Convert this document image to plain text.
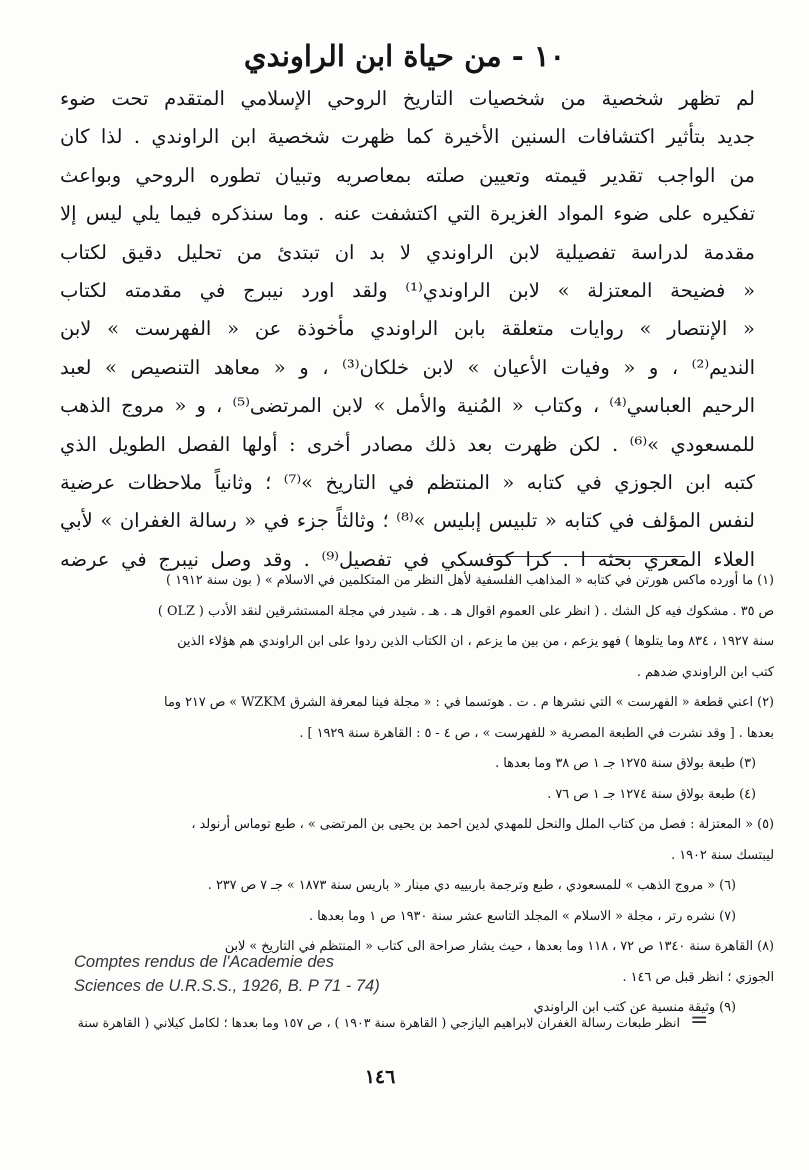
١٠ - من حياة ابن الراوندي
لم تظهر شخصية من شخصيات التاريخ الروحي الإسلامي المتقدم تحت ضوء
جديد بتأثير اكتشافات السنين الأخيرة كما ظهرت شخصية ابن الراوندي . لذا كان
من الواجب تقدير قيمته وتعيين صلته بمعاصريه وتبيان تطوره الروحي وبواعث
تفكيره على ضوء المواد الغزيرة التي اكتشفت عنه . وما سنذكره فيما يلي ليس إلا
مقدمة لدراسة تفصيلية لابن الراوندي لا بد ان تبتدئ من تحليل دقيق لكتاب
« فضيحة المعتزلة » لابن الراوندي⁽¹⁾ ولقد اورد نيبرج في مقدمته لكتاب
« الإنتصار » روايات متعلقة بابن الراوندي مأخوذة عن « الفهرست » لابن
النديم⁽²⁾ ، و « وفيات الأعيان » لابن خلكان⁽³⁾ ، و « معاهد التنصيص » لعبد
الرحيم العباسي⁽⁴⁾ ، وكتاب « المُنية والأمل » لابن المرتضى⁽⁵⁾ ، و « مروج الذهب
للمسعودي »⁽⁶⁾ . لكن ظهرت بعد ذلك مصادر أخرى : أولها الفصل الطويل الذي
كتبه ابن الجوزي في كتابه « المنتظم في التاريخ »⁽⁷⁾ ؛ وثانياً ملاحظات عرضية
لنفس المؤلف في كتابه « تلبيس إبليس »⁽⁸⁾ ؛ وثالثاً جزء في « رسالة الغفران » لأبي
العلاء المعري بحثه ا . كرا كوفسكي في تفصيل⁽⁹⁾ . وقد وصل نيبرج في عرضه
(١) ما أورده ماكس هورتن في كتابه « المذاهب الفلسفية لأهل النظر من المتكلمين في الاسلام » ( بون سنة ١٩١٢ )
ص ٣٥ . مشكوك فيه كل الشك . ( انظر على العموم اقوال هـ . هـ . شيدر في مجلة المستشرقين لنقد الأدب ( OLZ )
سنة ١٩٢٧ ، ٨٣٤ وما يتلوها ) فهو يزعم ، من بين ما يزعم ، ان الكتاب الذين ردوا على ابن الراوندي هم هؤلاء الذين
كتب ابن الراوندي ضدهم .
(٢) اعني قطعة « الفهرست » التي نشرها م . ت . هوتسما في : « مجلة فينا لمعرفة الشرق WZKM » ص ٢١٧ وما
بعدها . [ وقد نشرت في الطبعة المصرية « للفهرست » ، ص ٤ - ٥ : القاهرة سنة ١٩٢٩ ] .
(٣) طبعة بولاق سنة ١٢٧٥ جـ ١ ص ٣٨ وما بعدها .
(٤) طبعة بولاق سنة ١٢٧٤ جـ ١ ص ٧٦ .
(٥) « المعتزلة : فصل من كتاب الملل والنحل للمهدي لدين احمد بن يحيى بن المرتضى » ، طبع توماس أرنولد ،
ليبتسك سنة ١٩٠٢ .
(٦) « مروج الذهب » للمسعودي ، طبع وترجمة باربييه دي مينار « باريس سنة ١٨٧٣ » جـ ٧ ص ٢٣٧ .
(٧) نشره رتر ، مجلة « الاسلام » المجلد التاسع عشر سنة ١٩٣٠ ص ١ وما بعدها .
(٨) القاهرة سنة ١٣٤٠ ص ٧٢ ، ١١٨ وما بعدها ، حيث يشار صراحة الى كتاب « المنتظم في التاريخ » لابن
الجوزي ؛ انظر قبل ص ١٤٦ .
(٩) وثيقة منسية عن كتب ابن الراوندي
Comptes rendus de l'Academie des
Sciences de U.R.S.S., 1926, B. P 71 - 74)
=
انظر طبعات رسالة الغفران لابراهيم اليازجي ( القاهرة سنة ١٩٠٣ ) ، ص ١٥٧ وما بعدها ؛ لكامل كيلاني ( القاهرة سنة
١٤٦
